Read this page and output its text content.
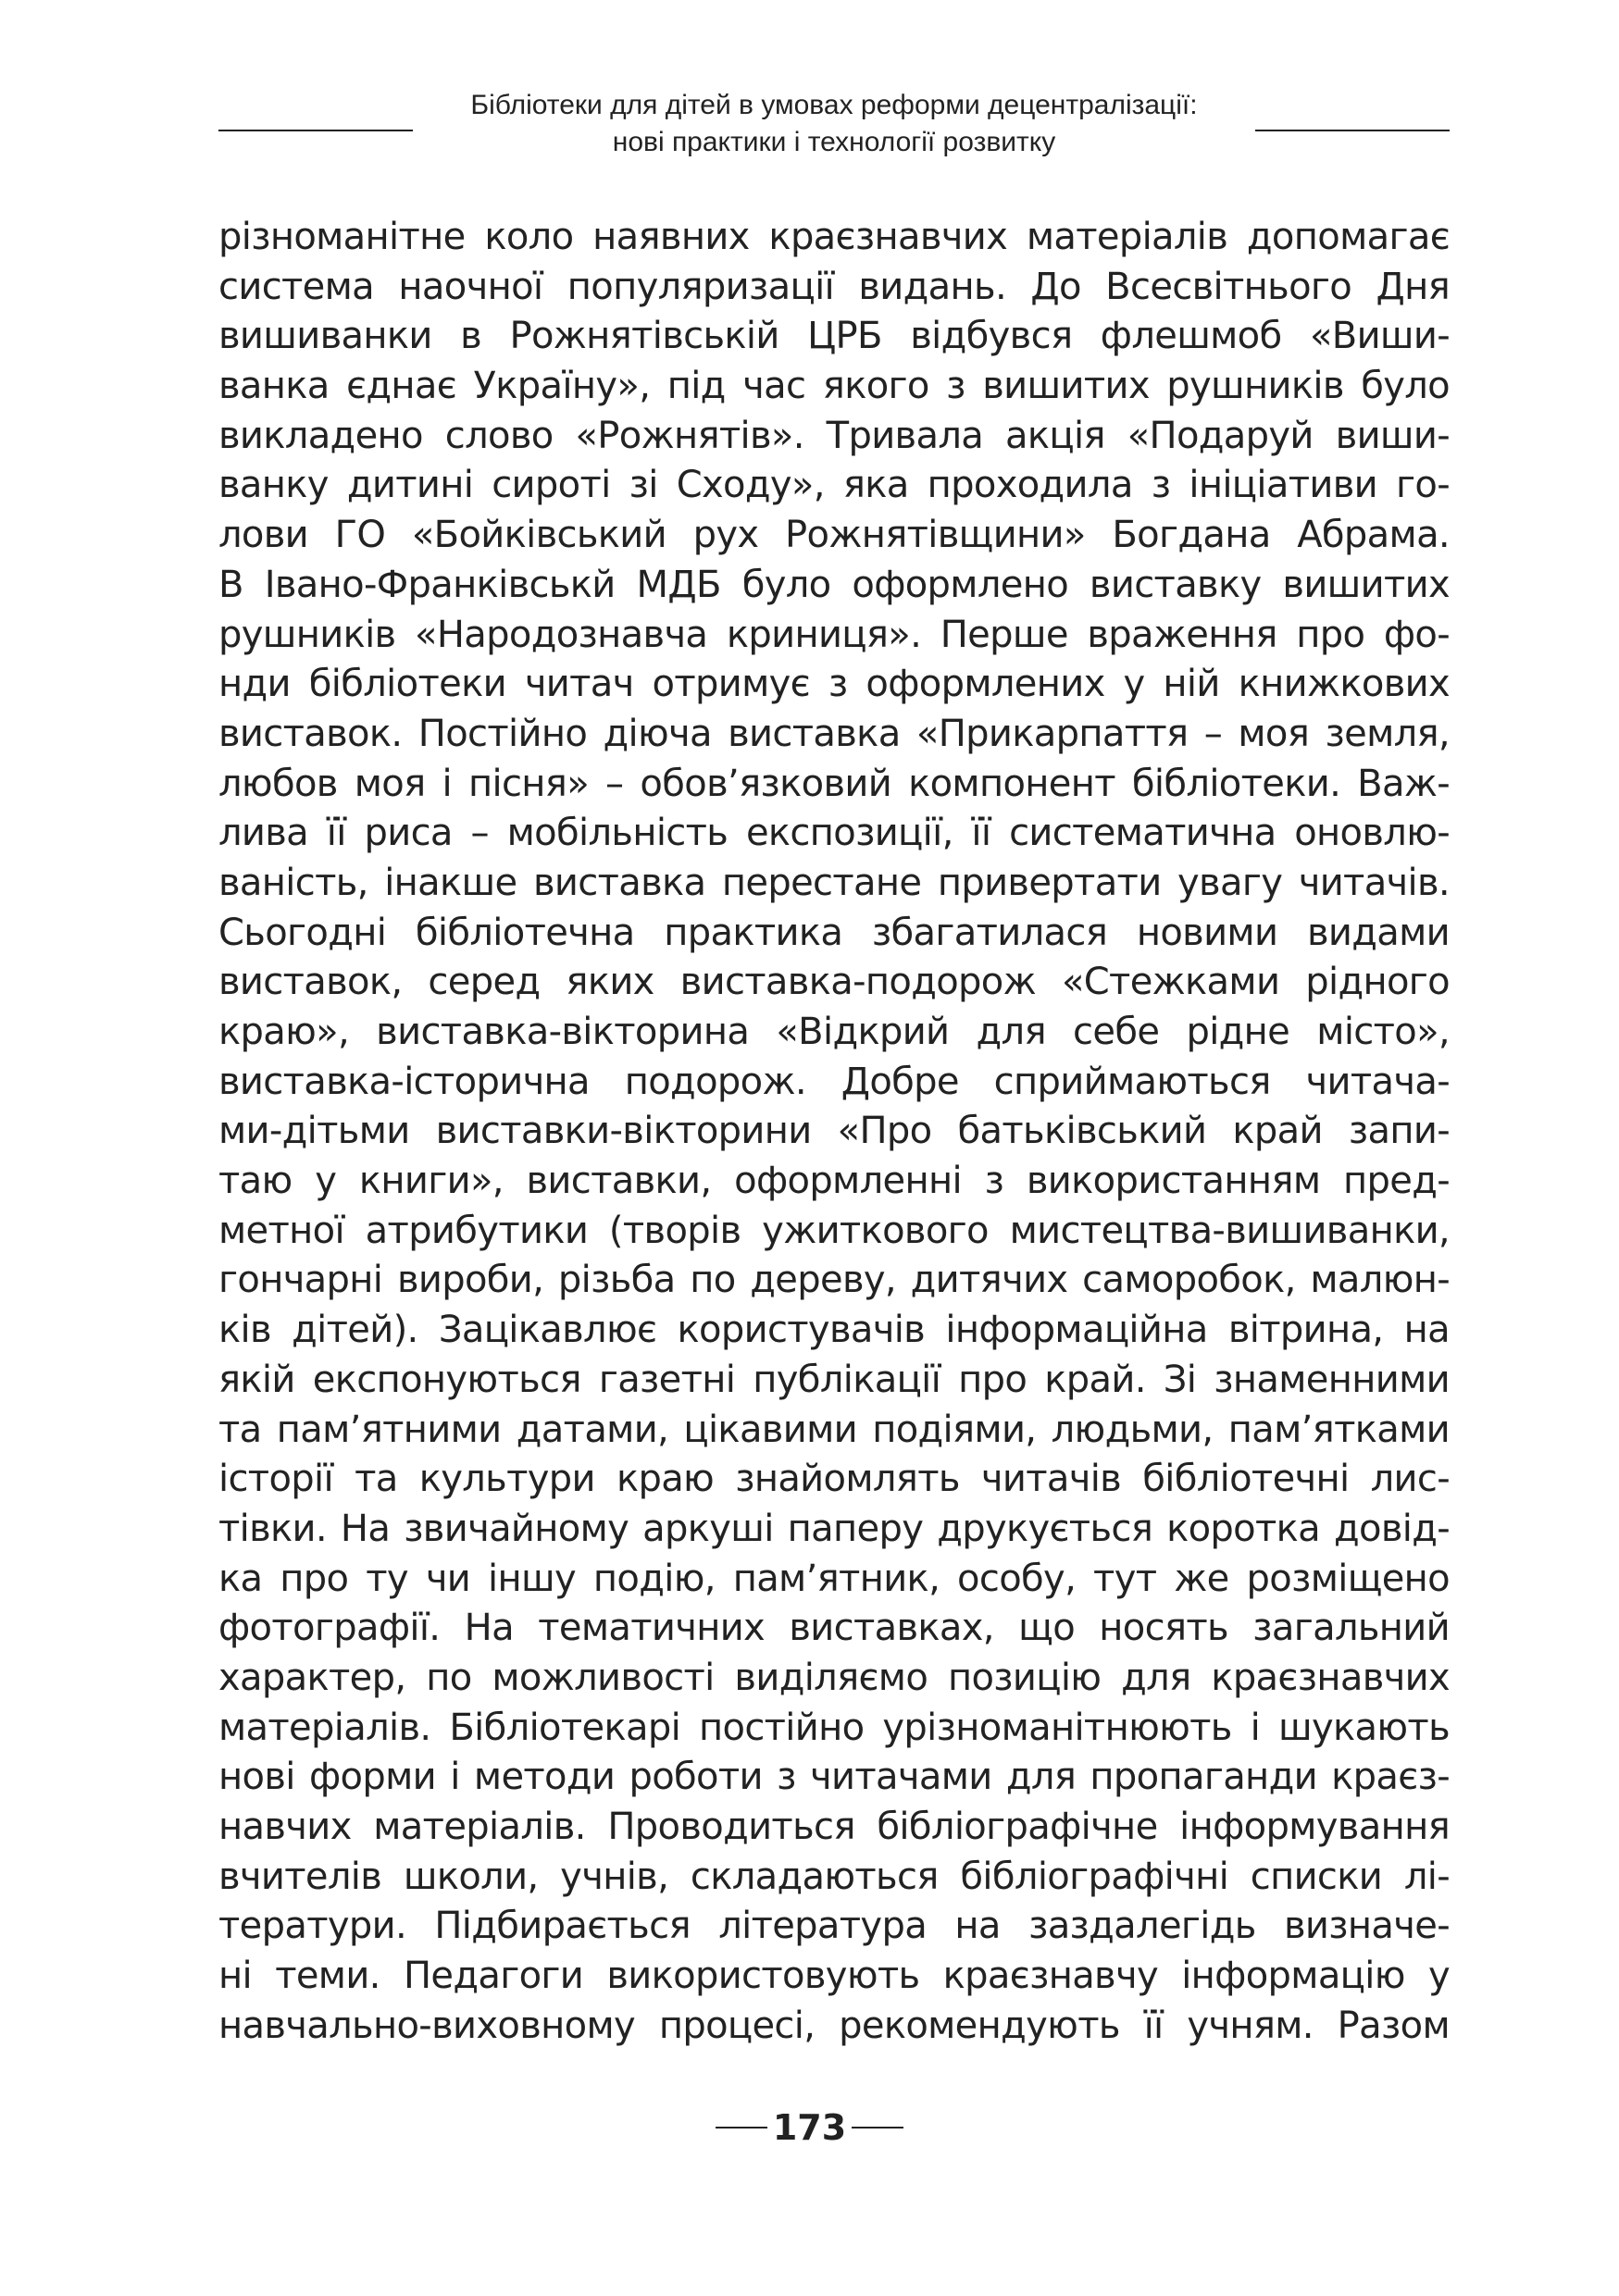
Бібліотеки для дітей в умовах реформи децентралізації:
нові практики і технології розвитку
різноманітне коло наявних краєзнавчих матеріалів допомагає
система наочної популяризації видань. До Всесвітнього Дня
вишиванки в Рожнятівській ЦРБ відбувся флешмоб «Виши-
ванка єднає Україну», під час якого з вишитих рушників було
викладено слово «Рожнятів». Тривала акція «Подаруй виши-
ванку дитині сироті зі Сходу», яка проходила з ініціативи го-
лови ГО «Бойківський рух Рожнятівщини» Богдана Абрама.
В Івано-Франківськй МДБ було оформлено виставку вишитих
рушників «Народознавча криниця». Перше враження про фо-
нди бібліотеки читач отримує з оформлених у ній книжкових
виставок. Постійно діюча виставка «Прикарпаття – моя земля,
любов моя і пісня» – обов’язковий компонент бібліотеки. Важ-
лива її риса – мобільність експозиції, її систематична оновлю-
ваність, інакше виставка перестане привертати увагу читачів.
Сьогодні бібліотечна практика збагатилася новими видами
виставок, серед яких виставка-подорож «Стежками рідного
краю», виставка-вікторина «Відкрий для себе рідне місто»,
виставка-історична подорож. Добре сприймаються читача-
ми-дітьми виставки-вікторини «Про батьківський край запи-
таю у книги», виставки, оформленні з використанням пред-
метної атрибутики (творів ужиткового мистецтва-вишиванки,
гончарні вироби, різьба по дереву, дитячих саморобок, малюн-
ків дітей). Зацікавлює користувачів інформаційна вітрина, на
якій експонуються газетні публікації про край. Зі знаменними
та пам’ятними датами, цікавими подіями, людьми, пам’ятками
історії та культури краю знайомлять читачів бібліотечні лис-
тівки. На звичайному аркуші паперу друкується коротка довід-
ка про ту чи іншу подію, пам’ятник, особу, тут же розміщено
фотографії. На тематичних виставках, що носять загальний
характер, по можливості виділяємо позицію для краєзнавчих
матеріалів. Бібліотекарі постійно урізноманітнюють і шукають
нові форми і методи роботи з читачами для пропаганди краєз-
навчих матеріалів. Проводиться бібліографічне інформування
вчителів школи, учнів, складаються бібліографічні списки лі-
тератури. Підбирається література на заздалегідь визначе-
ні теми. Педагоги використовують краєзнавчу інформацію у
навчально-виховному процесі, рекомендують її учням. Разом
173
